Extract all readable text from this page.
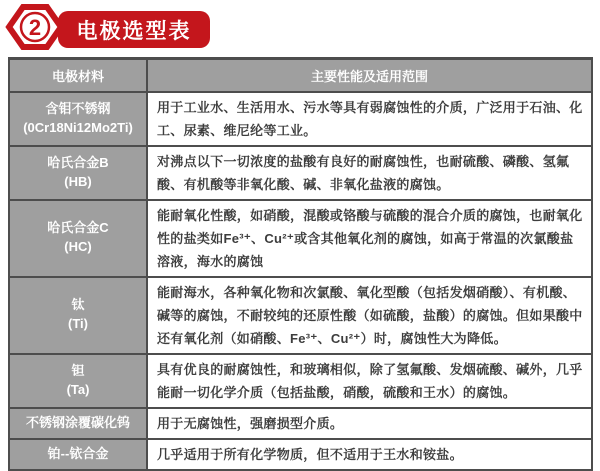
2 电极选型表
电极材料	主要性能及适用范围
含钼不锈钢
(0Cr18Ni12Mo2Ti)	用于工业水、生活用水、污水等具有弱腐蚀性的介质，广泛用于石油、化工、尿素、维尼纶等工业。
哈氏合金B
(HB)	对沸点以下一切浓度的盐酸有良好的耐腐蚀性，也耐硫酸、磷酸、氢氟酸、有机酸等非氧化酸、碱、非氧化盐液的腐蚀。
哈氏合金C
(HC)	能耐氧化性酸，如硝酸，混酸或铬酸与硫酸的混合介质的腐蚀，也耐氧化性的盐类如Fe³⁺、Cu²⁺或含其他氧化剂的腐蚀，如高于常温的次氯酸盐溶液，海水的腐蚀
钛
(Ti)	能耐海水，各种氧化物和次氯酸、氧化型酸（包括发烟硝酸）、有机酸、碱等的腐蚀，不耐较纯的还原性酸（如硫酸，盐酸）的腐蚀。但如果酸中还有氧化剂（如硝酸、Fe³⁺、Cu²⁺）时，腐蚀性大为降低。
钽
(Ta)	具有优良的耐腐蚀性，和玻璃相似，除了氢氟酸、发烟硫酸、碱外，几乎能耐一切化学介质（包括盐酸，硝酸，硫酸和王水）的腐蚀。
不锈钢涂覆碳化钨	用于无腐蚀性，强磨损型介质。
铂--铱合金	几乎适用于所有化学物质，但不适用于王水和铵盐。
